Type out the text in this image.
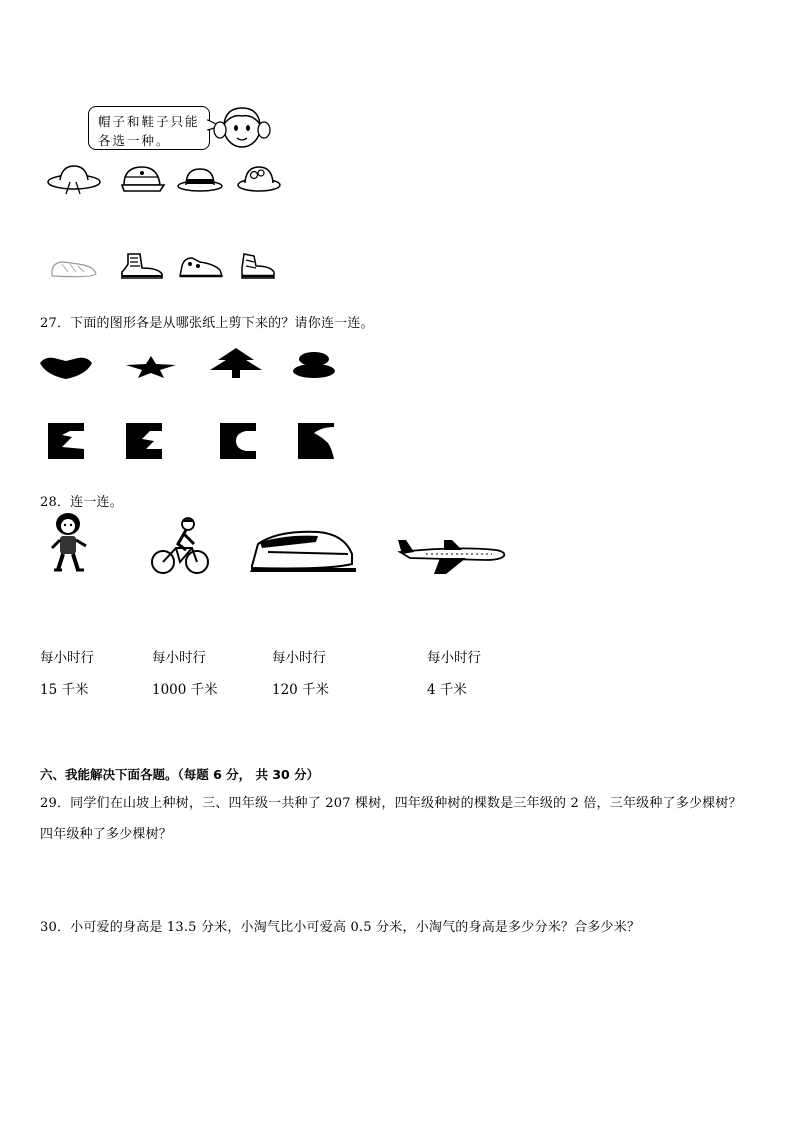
帽子和鞋子只能
各选一种。
27．下面的图形各是从哪张纸上剪下来的？请你连一连。
28．连一连。
每小时行	每小时行	每小时行	每小时行
15 千米	1000 千米	120 千米	4 千米
六、我能解决下面各题。（每题 6 分， 共 30 分）
29．同学们在山坡上种树，三、四年级一共种了 207 棵树，四年级种树的棵数是三年级的 2 倍，三年级种了多少棵树？
四年级种了多少棵树？
30．小可爱的身高是 13.5 分米，小淘气比小可爱高 0.5 分米，小淘气的身高是多少分米？合多少米？
